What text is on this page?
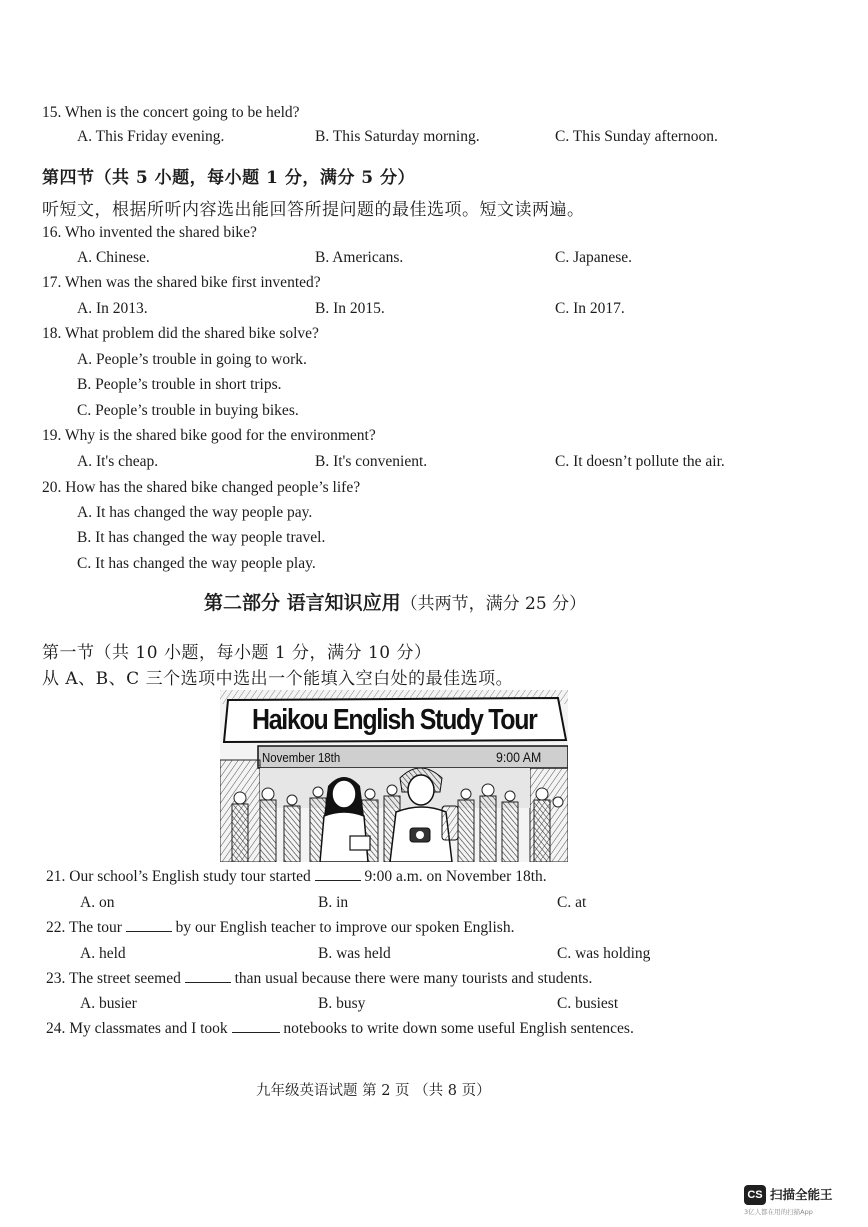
15. When is the concert going to be held?
A. This Friday evening.	B. This Saturday morning.	C. This Sunday afternoon.
第四节（共 5 小题，每小题 1 分，满分 5 分）
听短文，根据所听内容选出能回答所提问题的最佳选项。短文读两遍。
16. Who invented the shared bike?
A. Chinese.	B. Americans.	C. Japanese.
17. When was the shared bike first invented?
A. In 2013.	B. In 2015.	C. In 2017.
18. What problem did the shared bike solve?
A. People’s trouble in going to work.
B. People’s trouble in short trips.
C. People’s trouble in buying bikes.
19. Why is the shared bike good for the environment?
A. It's cheap.	B. It's convenient.	C. It doesn’t pollute the air.
20. How has the shared bike changed people’s life?
A. It has changed the way people pay.
B. It has changed the way people travel.
C. It has changed the way people play.
第二部分 语言知识应用（共两节，满分 25 分）
第一节（共 10 小题，每小题 1 分，满分 10 分）
从 A、B、C 三个选项中选出一个能填入空白处的最佳选项。
Haikou English Study Tour
November 18th	9:00 AM
21. Our school’s English study tour started	9:00 a.m. on November 18th.
A. on	B. in	C. at
22. The tour	by our English teacher to improve our spoken English.
A. held	B. was held	C. was holding
23. The street seemed	than usual because there were many tourists and students.
A. busier	B. busy	C. busiest
24. My classmates and I took	notebooks to write down some useful English sentences.
九年级英语试题 第 2 页 （共 8 页）
CS 扫描全能王
3亿人都在用的扫描App
